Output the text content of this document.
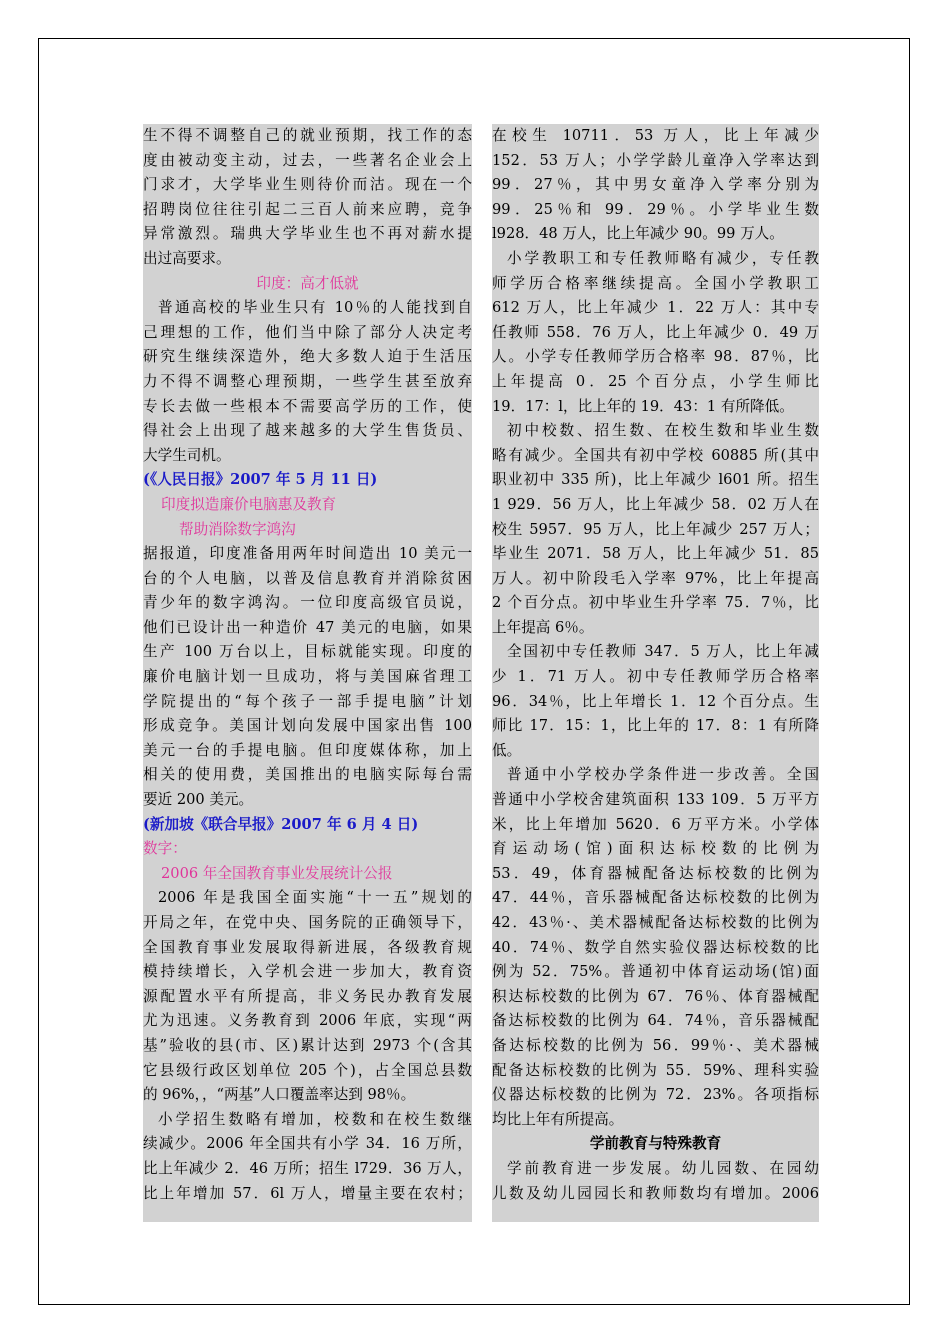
生不得不调整自己的就业预期，找工作的态
度由被动变主动，过去，一些著名企业会上
门求才，大学毕业生则待价而沽。现在一个
招聘岗位往往引起二三百人前来应聘，竞争
异常激烈。瑞典大学毕业生也不再对薪水提
出过高要求。
印度：高才低就
普通高校的毕业生只有 10％的人能找到自
己理想的工作，他们当中除了部分人决定考
研究生继续深造外，绝大多数人迫于生活压
力不得不调整心理预期，一些学生甚至放弃
专长去做一些根本不需要高学历的工作，使
得社会上出现了越来越多的大学生售货员、
大学生司机。
(《人民日报》2007 年 5 月 11 日)
印度拟造廉价电脑惠及教育
帮助消除数字鸿沟
据报道，印度准备用两年时间造出 10 美元一
台的个人电脑，以普及信息教育并消除贫困
青少年的数字鸿沟。一位印度高级官员说，
他们已设计出一种造价 47 美元的电脑，如果
生产 100 万台以上，目标就能实现。印度的
廉价电脑计划一旦成功，将与美国麻省理工
学院提出的“每个孩子一部手提电脑”计划
形成竞争。美国计划向发展中国家出售 100
美元一台的手提电脑。但印度媒体称，加上
相关的使用费，美国推出的电脑实际每台需
要近 200 美元。
(新加坡《联合早报》2007 年 6 月 4 日)
数字：
2006 年全国教育事业发展统计公报
2006 年是我国全面实施“十一五”规划的
开局之年，在党中央、国务院的正确领导下，
全国教育事业发展取得新进展，各级教育规
模持续增长，入学机会进一步加大，教育资
源配置水平有所提高，非义务民办教育发展
尤为迅速。义务教育到 2006 年底，实现“两
基”验收的县(市、区)累计达到 2973 个(含其
它县级行政区划单位 205 个)，占全国总县数
的 96%，，“两基”人口覆盖率达到 98％。
小学招生数略有增加，校数和在校生数继
续减少。2006 年全国共有小学 34．16 万所，
比上年减少 2．46 万所；招生 l729．36 万人，
比上年增加 57．6l 万人，增量主要在农村；
在校生 10711．53 万人，比上年减少
152．53 万人；小学学龄儿童净入学率达到
99．27％，其中男女童净入学率分别为
99．25％和 99．29％。小学毕业生数
l928．48 万人，比上年减少 90。99 万人。
小学教职工和专任教师略有减少，专任教
师学历合格率继续提高。全国小学教职工
612 万人，比上年减少 1．22 万人：其中专
任教师 558．76 万人，比上年减少 0．49 万
人。小学专任教师学历合格率 98．87％，比
上年提高 0．25 个百分点，小学生师比
19．17：l，比上年的 19．43：1 有所降低。
初中校数、招生数、在校生数和毕业生数
略有减少。全国共有初中学校 60885 所(其中
职业初中 335 所)，比上年减少 l601 所。招生
1 929．56 万人，比上年减少 58．02 万人在
校生 5957．95 万人，比上年减少 257 万人；
毕业生 2071．58 万人，比上年减少 51．85
万人。初中阶段毛入学率 97%，比上年提高
2 个百分点。初中毕业生升学率 75．7％，比
上年提高 6％。
全国初中专任教师 347．5 万人，比上年减
少 1．71 万人。初中专任教师学历合格率
96．34％，比上年增长 1．12 个百分点。生
师比 17．15：1，比上年的 17．8：1 有所降
低。
普通中小学校办学条件进一步改善。全国
普通中小学校舍建筑面积 133 109．5 万平方
米，比上年增加 5620．6 万平方米。小学体
育运动场(馆)面积达标校数的比例为
53．49，体育器械配备达标校数的比例为
47．44％，音乐器械配备达标校数的比例为
42．43％·、美术器械配备达标校数的比例为
40．74％、数学自然实验仪器达标校数的比
例为 52．75%。普通初中体育运动场(馆)面
积达标校数的比例为 67．76％、体育器械配
备达标校数的比例为 64．74％，音乐器械配
备达标校数的比例为 56．99％·、美术器械
配备达标校数的比例为 55．59%、理科实验
仪器达标校数的比例为 72．23%。各项指标
均比上年有所提高。
学前教育与特殊教育
学前教育进一步发展。幼儿园数、在园幼
儿数及幼儿园园长和教师数均有增加。2006
